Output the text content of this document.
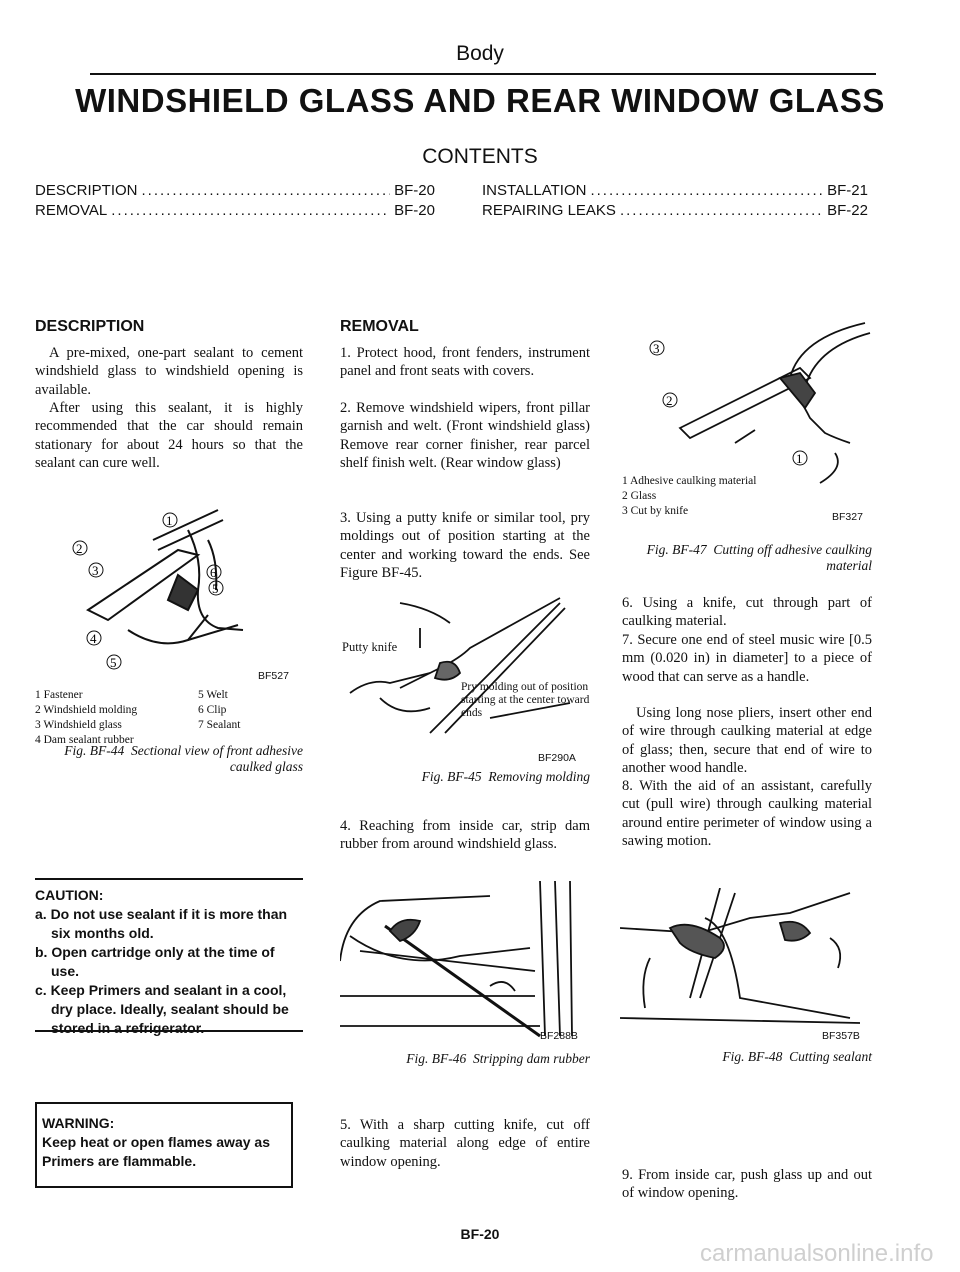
Body
WINDSHIELD GLASS AND REAR WINDOW GLASS
CONTENTS
DESCRIPTION .....	BF-20
REMOVAL .....	BF-20
INSTALLATION .....	BF-21
REPAIRING LEAKS .....	BF-22
DESCRIPTION
A pre-mixed, one-part sealant to cement windshield glass to windshield opening is available.
After using this sealant, it is highly recommended that the car should remain stationary for about 24 hours so that the sealant can cure well.
1
2
3
4
5
5
6
BF527
1 Fastener
2 Windshield molding
3 Windshield glass
4 Dam sealant rubber
5 Welt
6 Clip
7 Sealant
Fig. BF-44 Sectional view of front adhesive caulked glass
CAUTION:
a. Do not use sealant if it is more than six months old.
b. Open cartridge only at the time of use.
c. Keep Primers and sealant in a cool, dry place. Ideally, sealant should be stored in a refrigerator.
WARNING:
Keep heat or open flames away as Primers are flammable.
REMOVAL
1. Protect hood, front fenders, instrument panel and front seats with covers.
2. Remove windshield wipers, front pillar garnish and welt. (Front windshield glass) Remove rear corner finisher, rear parcel shelf finish welt. (Rear window glass)
3. Using a putty knife or similar tool, pry moldings out of position starting at the center and working toward the ends. See Figure BF-45.
Putty knife
Pry molding out of position starting at the center toward ends
BF290A
Fig. BF-45 Removing molding
4. Reaching from inside car, strip dam rubber from around windshield glass.
BF288B
Fig. BF-46 Stripping dam rubber
5. With a sharp cutting knife, cut off caulking material along edge of entire window opening.
3
2
1
1 Adhesive caulking material
2 Glass
3 Cut by knife	BF327
Fig. BF-47 Cutting off adhesive caulking material
6. Using a knife, cut through part of caulking material.
7. Secure one end of steel music wire [0.5 mm (0.020 in) in diameter] to a piece of wood that can serve as a handle.
Using long nose pliers, insert other end of wire through caulking material at edge of glass; then, secure that end of wire to another wood handle.
8. With the aid of an assistant, carefully cut (pull wire) through caulking material around entire perimeter of window using a sawing motion.
BF357B
Fig. BF-48 Cutting sealant
9. From inside car, push glass up and out of window opening.
BF-20
carmanualsonline.info
